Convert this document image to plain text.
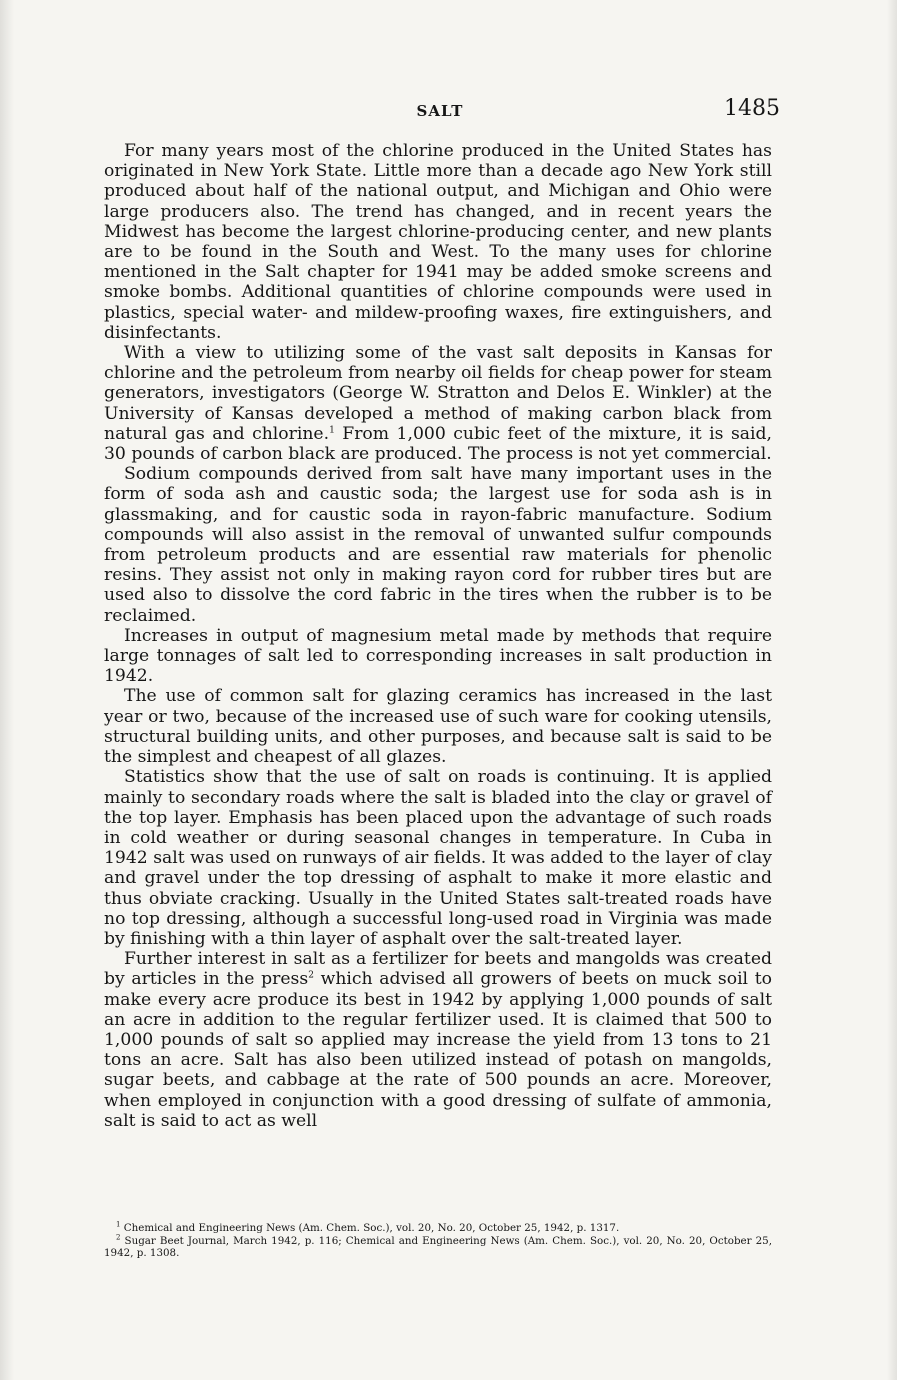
SALT	1485

For many years most of the chlorine produced in the United States has originated in New York State. Little more than a decade ago New York still produced about half of the national output, and Michigan and Ohio were large producers also. The trend has changed, and in recent years the Midwest has become the largest chlorine-producing center, and new plants are to be found in the South and West. To the many uses for chlorine mentioned in the Salt chapter for 1941 may be added smoke screens and smoke bombs. Additional quantities of chlorine compounds were used in plastics, special water- and mildew-proofing waxes, fire extinguishers, and disinfectants.

With a view to utilizing some of the vast salt deposits in Kansas for chlorine and the petroleum from nearby oil fields for cheap power for steam generators, investigators (George W. Stratton and Delos E. Winkler) at the University of Kansas developed a method of making carbon black from natural gas and chlorine.$^1$ From 1,000 cubic feet of the mixture, it is said, 30 pounds of carbon black are produced. The process is not yet commercial.

Sodium compounds derived from salt have many important uses in the form of soda ash and caustic soda; the largest use for soda ash is in glassmaking, and for caustic soda in rayon-fabric manufacture. Sodium compounds will also assist in the removal of unwanted sulfur compounds from petroleum products and are essential raw materials for phenolic resins. They assist not only in making rayon cord for rubber tires but are used also to dissolve the cord fabric in the tires when the rubber is to be reclaimed.

Increases in output of magnesium metal made by methods that require large tonnages of salt led to corresponding increases in salt production in 1942.

The use of common salt for glazing ceramics has increased in the last year or two, because of the increased use of such ware for cooking utensils, structural building units, and other purposes, and because salt is said to be the simplest and cheapest of all glazes.

Statistics show that the use of salt on roads is continuing. It is applied mainly to secondary roads where the salt is bladed into the clay or gravel of the top layer. Emphasis has been placed upon the advantage of such roads in cold weather or during seasonal changes in temperature. In Cuba in 1942 salt was used on runways of air fields. It was added to the layer of clay and gravel under the top dressing of asphalt to make it more elastic and thus obviate cracking. Usually in the United States salt-treated roads have no top dressing, although a successful long-used road in Virginia was made by finishing with a thin layer of asphalt over the salt-treated layer.

Further interest in salt as a fertilizer for beets and mangolds was created by articles in the press$^2$ which advised all growers of beets on muck soil to make every acre produce its best in 1942 by applying 1,000 pounds of salt an acre in addition to the regular fertilizer used. It is claimed that 500 to 1,000 pounds of salt so applied may increase the yield from 13 tons to 21 tons an acre. Salt has also been utilized instead of potash on mangolds, sugar beets, and cabbage at the rate of 500 pounds an acre. Moreover, when employed in conjunction with a good dressing of sulfate of ammonia, salt is said to act as well

$^1$ Chemical and Engineering News (Am. Chem. Soc.), vol. 20, No. 20, October 25, 1942, p. 1317.

$^2$ Sugar Beet Journal, March 1942, p. 116; Chemical and Engineering News (Am. Chem. Soc.), vol. 20, No. 20, October 25, 1942, p. 1308.
